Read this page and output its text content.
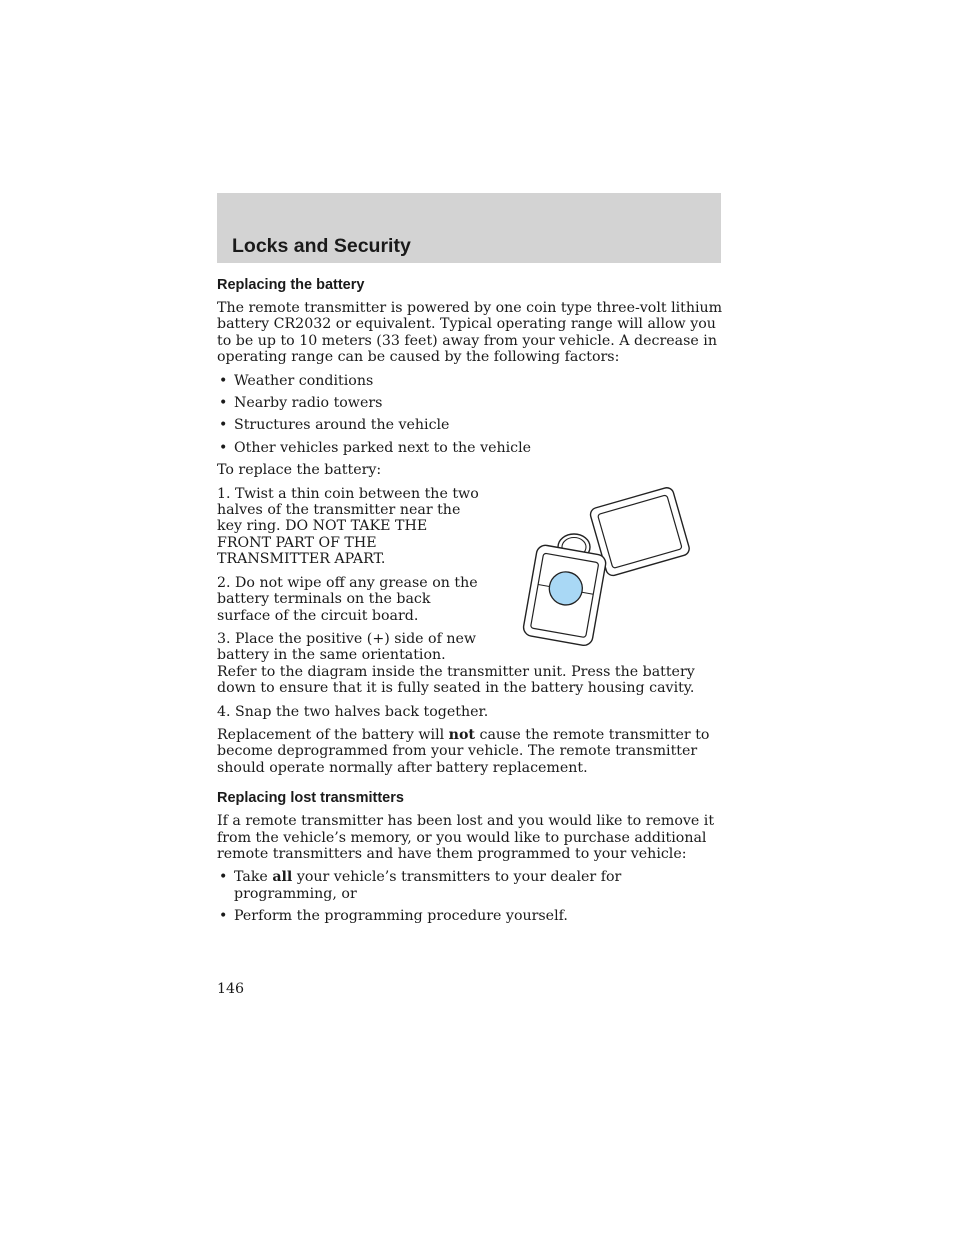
Locks and Security
Replacing the battery

The remote transmitter is powered by one coin type three-volt lithium battery CR2032 or equivalent. Typical operating range will allow you to be up to 10 meters (33 feet) away from your vehicle. A decrease in operating range can be caused by the following factors:

• Weather conditions
• Nearby radio towers
• Structures around the vehicle
• Other vehicles parked next to the vehicle

To replace the battery:

1. Twist a thin coin between the two halves of the transmitter near the key ring. DO NOT TAKE THE FRONT PART OF THE TRANSMITTER APART.

2. Do not wipe off any grease on the battery terminals on the back surface of the circuit board.

3. Place the positive (+) side of new battery in the same orientation.
Refer to the diagram inside the transmitter unit. Press the battery down to ensure that it is fully seated in the battery housing cavity.

4. Snap the two halves back together.

Replacement of the battery will not cause the remote transmitter to become deprogrammed from your vehicle. The remote transmitter should operate normally after battery replacement.

Replacing lost transmitters

If a remote transmitter has been lost and you would like to remove it from the vehicle’s memory, or you would like to purchase additional remote transmitters and have them programmed to your vehicle:

• Take all your vehicle’s transmitters to your dealer for programming, or
• Perform the programming procedure yourself.
146
